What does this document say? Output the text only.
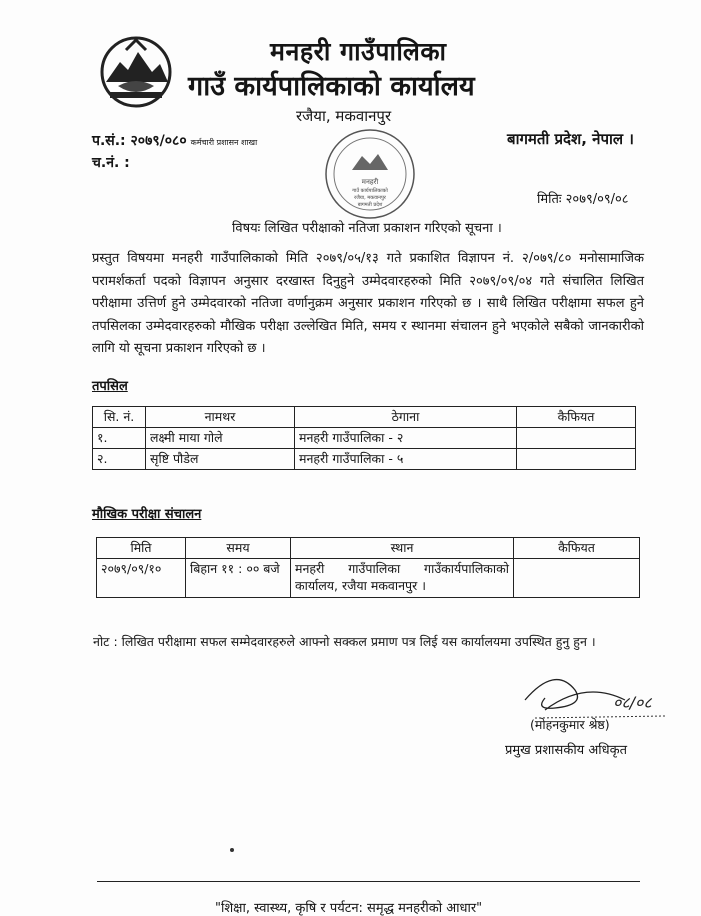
मनहरी गाउँपालिका
गाउँ कार्यपालिकाको कार्यालय
रजैया, मकवानपुर
प.सं.: २०७९/०८० कर्मचारी प्रशासन शाखा	बागमती प्रदेश, नेपाल ।
च.नं. :
मनहरी
गाउँ कार्यपालिकाको
रजैया, मकवानपुर
बागमती प्रदेश	मितिः २०७९/०९/०८
विषयः लिखित परीक्षाको नतिजा प्रकाशन गरिएको सूचना ।
प्रस्तुत विषयमा मनहरी गाउँपालिकाको मिति २०७९/०५/१३ गते प्रकाशित विज्ञापन नं. २/०७९/८० मनोसामाजिक परामर्शकर्ता पदको विज्ञापन अनुसार दरखास्त दिनुहुने उम्मेदवारहरुको मिति २०७९/०९/०४ गते संचालित लिखित परीक्षामा उत्तिर्ण हुने उम्मेदवारको नतिजा वर्णानुक्रम अनुसार प्रकाशन गरिएको छ । साथै लिखित परीक्षामा सफल हुने तपसिलका उम्मेदवारहरुको मौखिक परीक्षा उल्लेखित मिति, समय र स्थानमा संचालन हुने भएकोले सबैको जानकारीको लागि यो सूचना प्रकाशन गरिएको छ ।
तपसिल
सि. नं.	नामथर	ठेगाना	कैफियत
१.	लक्ष्मी माया गोले	मनहरी गाउँपालिका - २	
२.	सृष्टि पौडेल	मनहरी गाउँपालिका - ५	
मौखिक परीक्षा संचालन
मिति	समय	स्थान	कैफियत
२०७९/०९/१०	बिहान ११ : ०० बजे	मनहरी गाउँपालिका गाउँकार्यपालिकाको कार्यालय, रजैया मकवानपुर ।	
नोट : लिखित परीक्षामा सफल सम्मेदवारहरुले आफ्नो सक्कल प्रमाण पत्र लिई यस कार्यालयमा उपस्थित हुनु हुन ।
०८/०८
(मोहनकुमार श्रेष्ठ)
प्रमुख प्रशासकीय अधिकृत
"शिक्षा, स्वास्थ्य, कृषि र पर्यटन: समृद्ध मनहरीको आधार"
